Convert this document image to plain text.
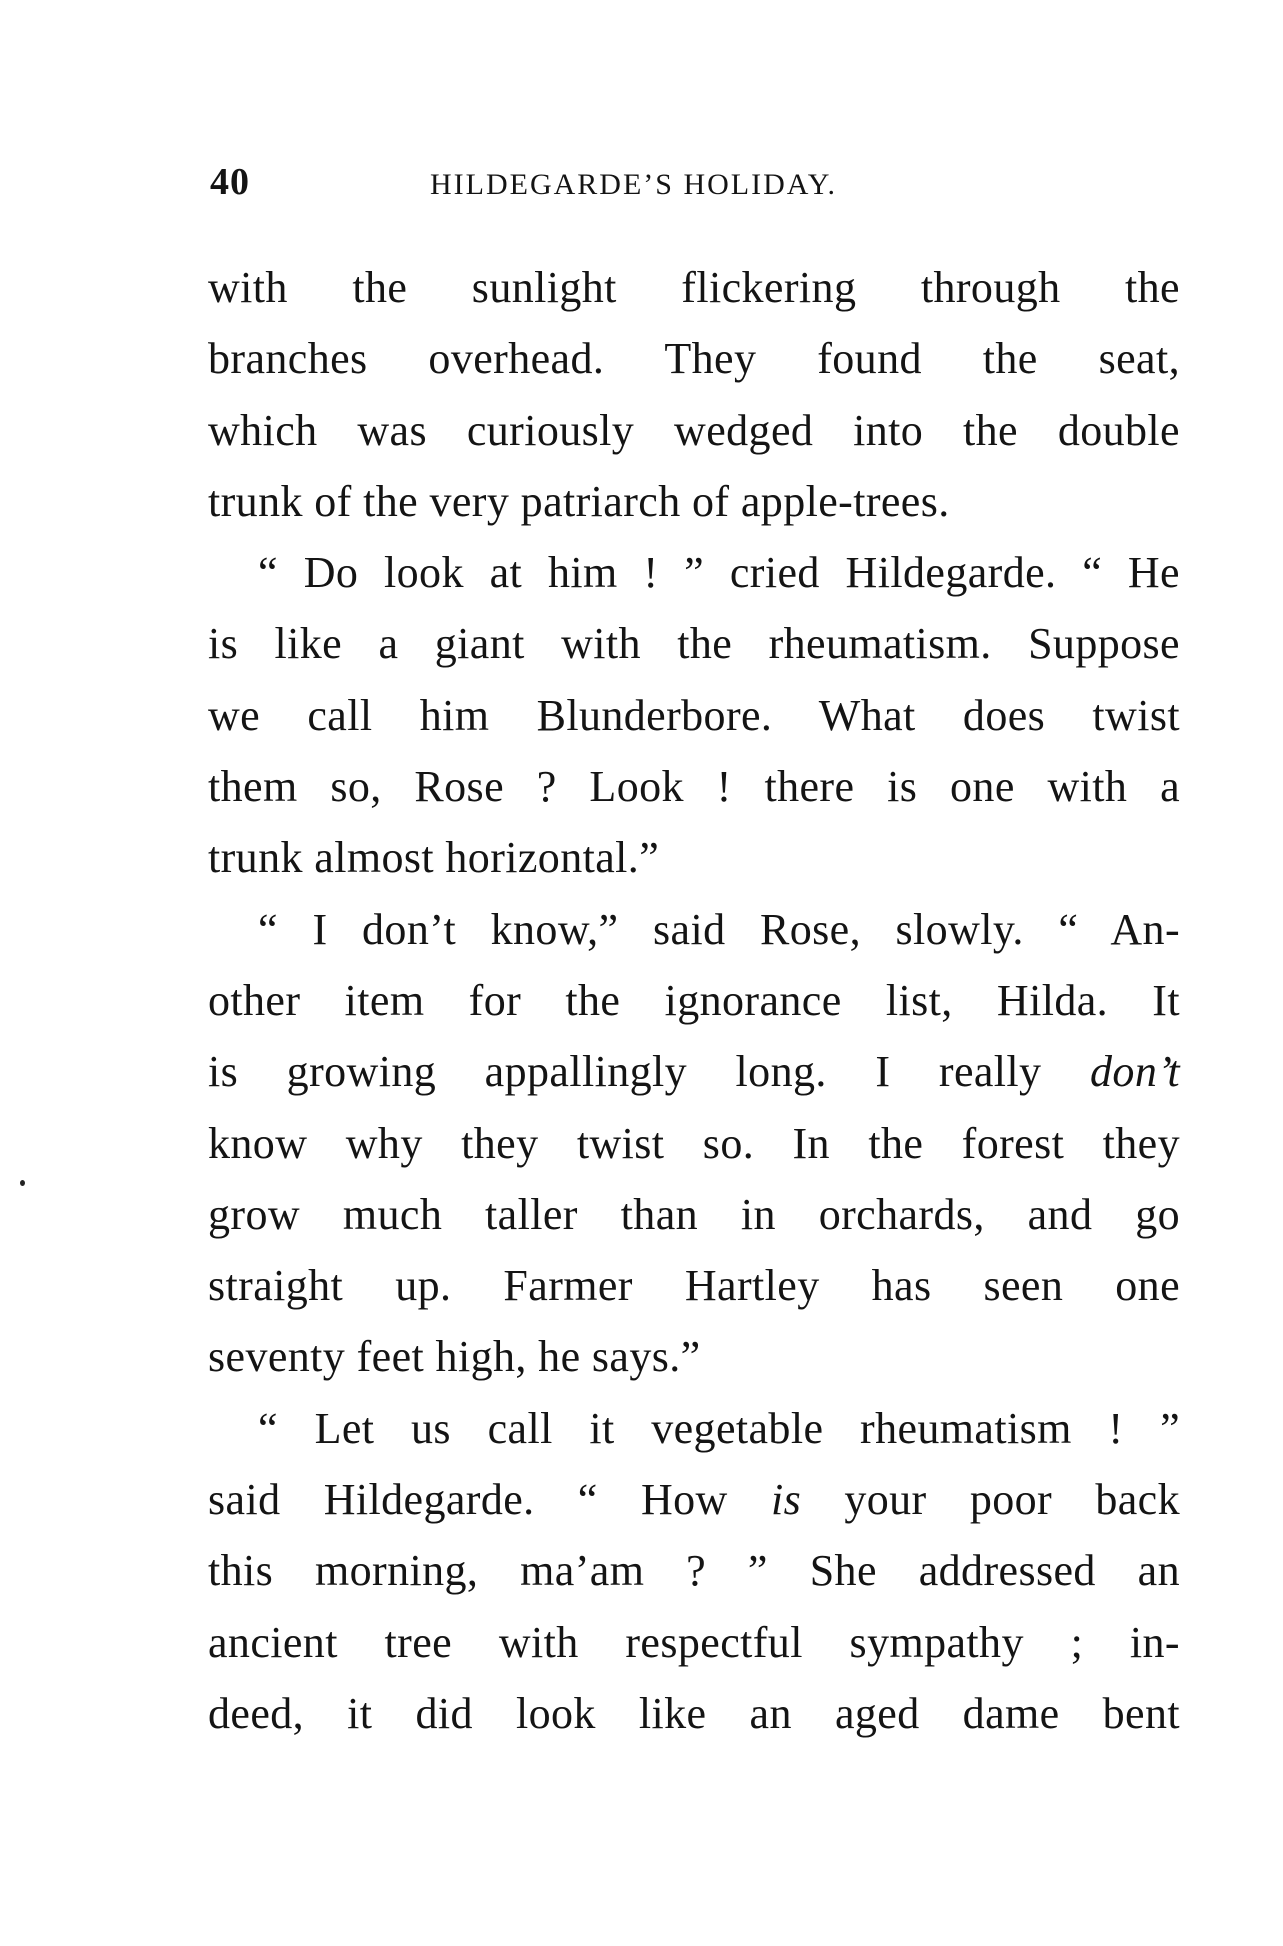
40	HILDEGARDE’S HOLIDAY.
with the sunlight flickering through the
branches overhead. They found the seat,
which was curiously wedged into the double
trunk of the very patriarch of apple-trees.
“ Do look at him ! ” cried Hildegarde. “ He
is like a giant with the rheumatism. Suppose
we call him Blunderbore. What does twist
them so, Rose ? Look ! there is one with a
trunk almost horizontal.”
“ I don’t know,” said Rose, slowly. “ An-
other item for the ignorance list, Hilda. It
is growing appallingly long. I really don’t
know why they twist so. In the forest they
grow much taller than in orchards, and go
straight up. Farmer Hartley has seen one
seventy feet high, he says.”
“ Let us call it vegetable rheumatism ! ”
said Hildegarde. “ How is your poor back
this morning, ma’am ? ” She addressed an
ancient tree with respectful sympathy ; in-
deed, it did look like an aged dame bent
